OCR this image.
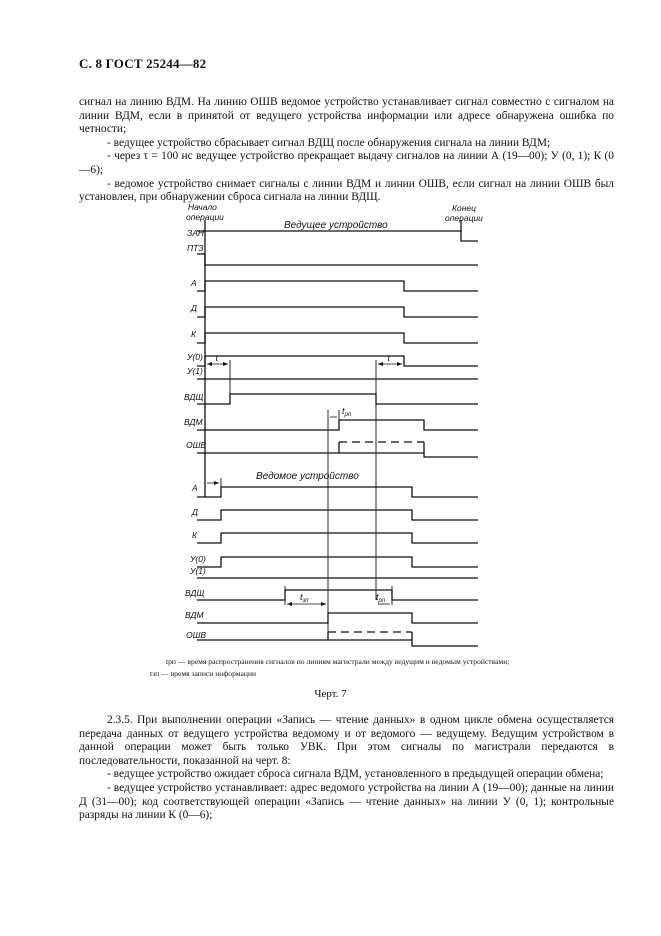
С. 8 ГОСТ 25244—82

сигнал на линию ВДМ. На линию ОШВ ведомое устройство устанавливает сигнал совместно с сигналом на линии ВДМ, если в принятой от ведущего устройства информации или адресе обнаружена ошибка по четности;

- ведущее устройство сбрасывает сигнал ВДЩ после обнаружения сигнала на линии ВДМ;

- через τ = 100 нс ведущее устройство прекращает выдачу сигналов на линии А (19—00); У (0, 1); К (0—6);

- ведомое устройство снимает сигналы с линии ВДМ и линии ОШВ, если сигнал на линии ОШВ был установлен, при обнаружении сброса сигнала на линии ВДЩ.

Начало
операции
Конец
операции
Ведущее устройство
Ведомое устройство
ЗАН
ПТЗ
А
Д
К
У(0)
У(1)
ВДЩ
ВДМ
ОШВ
А
Д
К
У(0)
У(1)
ВДЩ
ВДМ
ОШВ
τ	τ
$t_{рп}$
$t_{зп}$	$t_{рп}$
tрп — время распространения сигналов по линиям магистрали между ведущим и ведомым устройствами; tзп — время записи информации
Черт. 7

2.3.5. При выполнении операции «Запись — чтение данных» в одном цикле обмена осуществляется передача данных от ведущего устройства ведомому и от ведомого — ведущему. Ведущим устройством в данной операции может быть только УВК. При этом сигналы по магистрали передаются в последовательности, показанной на черт. 8:

- ведущее устройство ожидает сброса сигнала ВДМ, установленного в предыдущей операции обмена;

- ведущее устройство устанавливает: адрес ведомого устройства на линии А (19—00); данные на линии Д (31—00); код соответствующей операции «Запись — чтение данных» на линии У (0, 1); контрольные разряды на линии К (0—6);
